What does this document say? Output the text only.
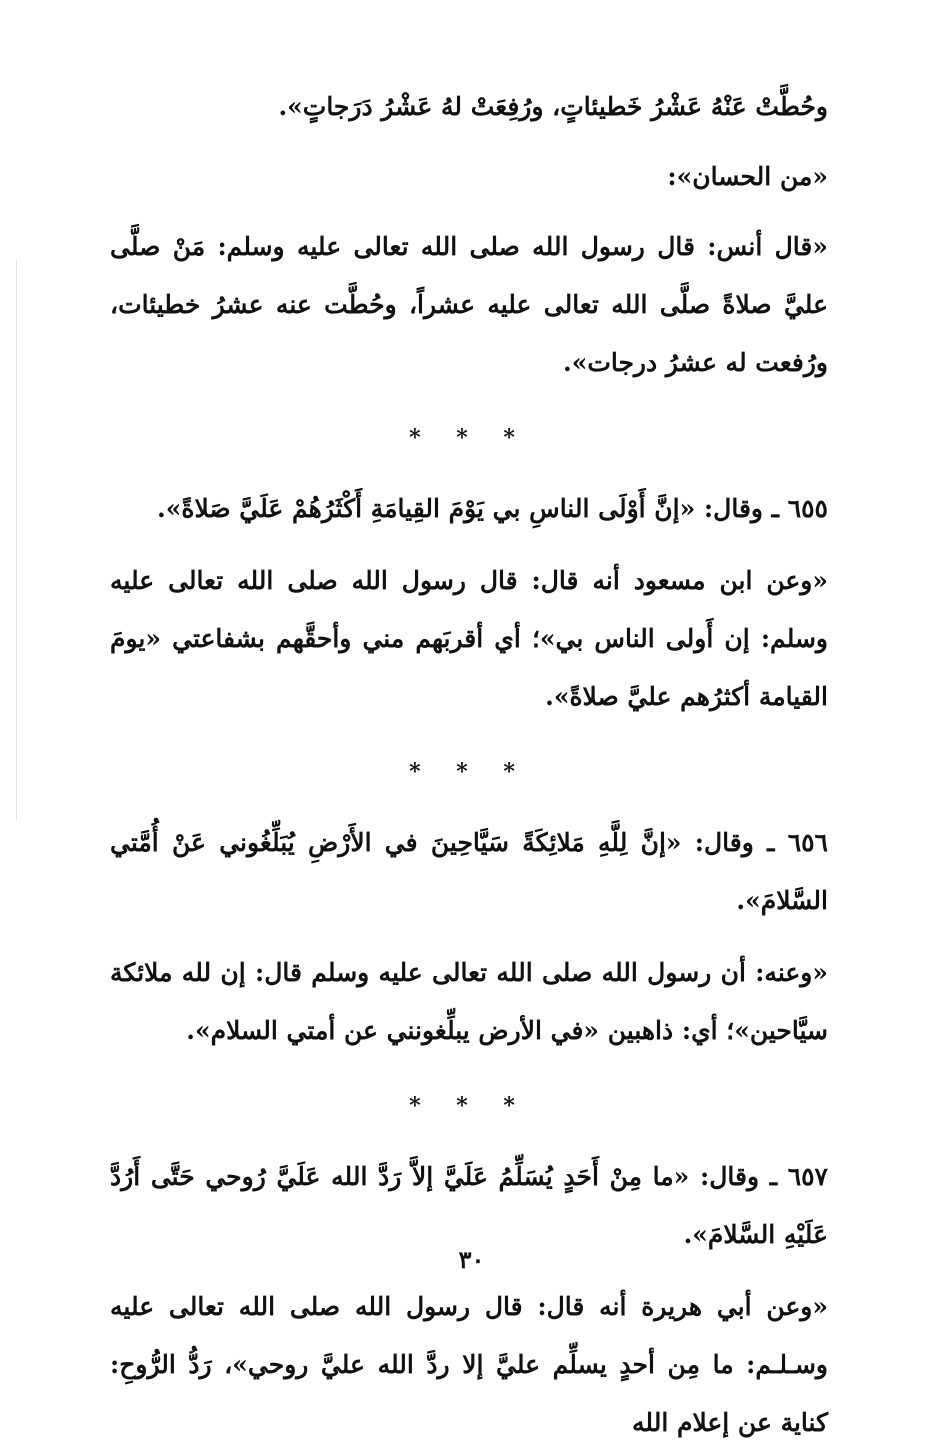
وحُطَّتْ عَنْهُ عَشْرُ خَطيئاتٍ، ورُفِعَتْ لهُ عَشْرُ دَرَجاتٍ».

«من الحسان»:

«قال أنس: قال رسول الله صلى الله تعالى عليه وسلم: مَنْ صلَّى عليَّ صلاةً صلَّى الله تعالى عليه عشراً، وحُطَّت عنه عشرُ خطيئات، ورُفعت له عشرُ درجات».

* * *

٦٥٥ ـ وقال: «إنَّ أَوْلَى الناسِ بي يَوْمَ القِيامَةِ أَكْثَرُهُمْ عَلَيَّ صَلاةً».

«وعن ابن مسعود أنه قال: قال رسول الله صلى الله تعالى عليه وسلم: إن أَولى الناس بي»؛ أي أقربَهم مني وأحقَّهم بشفاعتي «يومَ القيامة أكثرُهم عليَّ صلاةً».

* * *

٦٥٦ ـ وقال: «إنَّ لِلَّهِ مَلائِكَةً سَيَّاحِينَ في الأَرْضِ يُبَلِّغُوني عَنْ أُمَّتي السَّلامَ».

«وعنه: أن رسول الله صلى الله تعالى عليه وسلم قال: إن لله ملائكة سيَّاحين»؛ أي: ذاهبين «في الأرض يبلِّغونني عن أمتي السلام».

* * *

٦٥٧ ـ وقال: «ما مِنْ أَحَدٍ يُسَلِّمُ عَلَيَّ إلاَّ رَدَّ الله عَلَيَّ رُوحي حَتَّى أَرُدَّ عَلَيْهِ السَّلامَ».

«وعن أبي هريرة أنه قال: قال رسول الله صلى الله تعالى عليه وسـلـم: ما مِن أحدٍ يسلِّم عليَّ إلا ردَّ الله عليَّ روحي»، رَدُّ الرُّوحِ: كناية عن إعلام الله

٣٠
